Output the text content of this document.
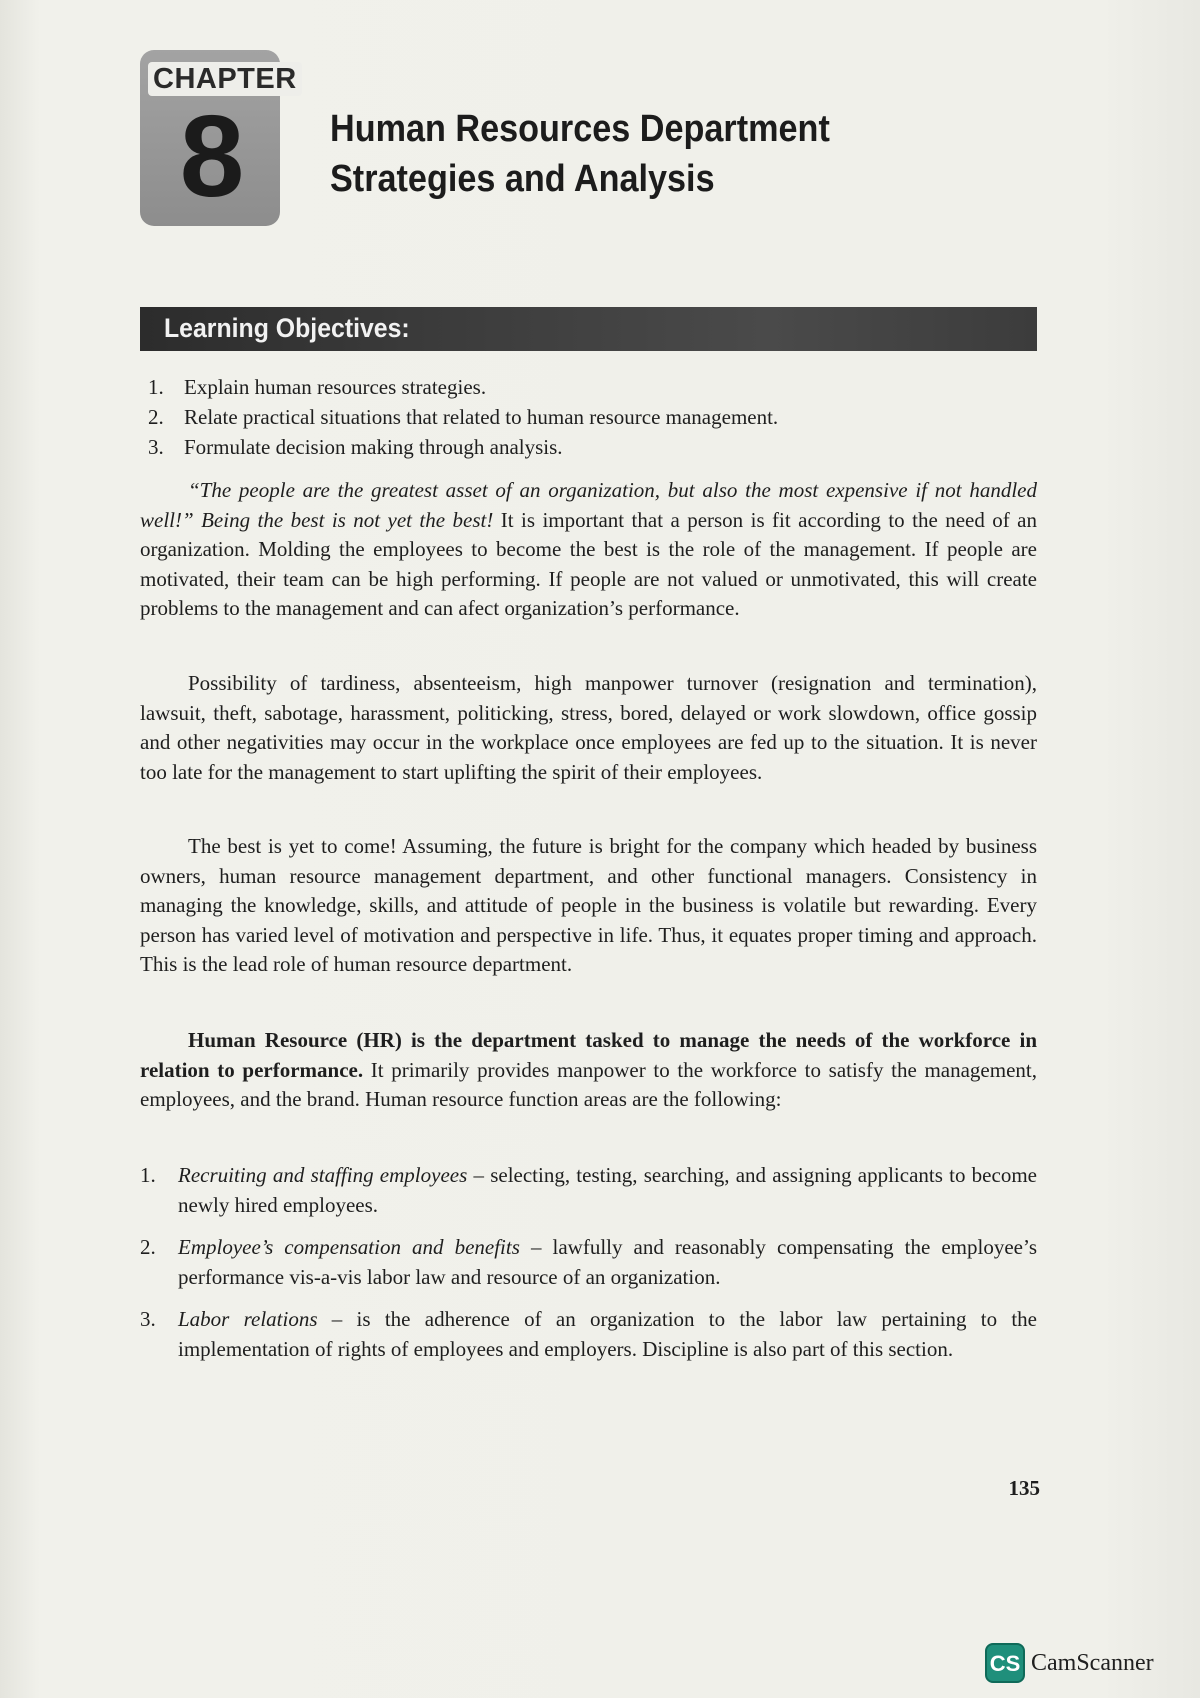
CHAPTER
8	Human Resources Department Strategies and Analysis
Learning Objectives:
1. Explain human resources strategies.
2. Relate practical situations that related to human resource management.
3. Formulate decision making through analysis.

“The people are the greatest asset of an organization, but also the most expensive if not handled well!” Being the best is not yet the best! It is important that a person is fit according to the need of an organization. Molding the employees to become the best is the role of the management. If people are motivated, their team can be high performing. If people are not valued or unmotivated, this will create problems to the management and can afect organization’s performance.

Possibility of tardiness, absenteeism, high manpower turnover (resignation and termination), lawsuit, theft, sabotage, harassment, politicking, stress, bored, delayed or work slowdown, office gossip and other negativities may occur in the workplace once employees are fed up to the situation. It is never too late for the management to start uplifting the spirit of their employees.

The best is yet to come! Assuming, the future is bright for the company which headed by business owners, human resource management department, and other functional managers. Consistency in managing the knowledge, skills, and attitude of people in the business is volatile but rewarding. Every person has varied level of motivation and perspective in life. Thus, it equates proper timing and approach. This is the lead role of human resource department.

Human Resource (HR) is the department tasked to manage the needs of the workforce in relation to performance. It primarily provides manpower to the workforce to satisfy the management, employees, and the brand. Human resource function areas are the following:

1.	Recruiting and staffing employees – selecting, testing, searching, and assigning applicants to become newly hired employees.
2.	Employee’s compensation and benefits – lawfully and reasonably compensating the employee’s performance vis-a-vis labor law and resource of an organization.
3.	Labor relations – is the adherence of an organization to the labor law pertaining to the implementation of rights of employees and employers. Discipline is also part of this section.
135
CS CamScanner
